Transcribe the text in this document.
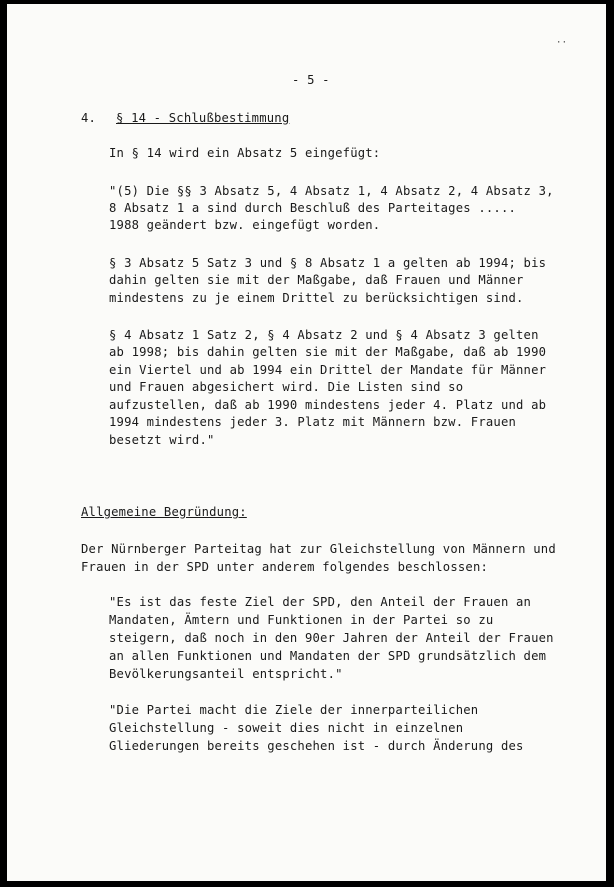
··
- 5 -
4. § 14 - Schlußbestimmung
In § 14 wird ein Absatz 5 eingefügt:
"(5) Die §§ 3 Absatz 5, 4 Absatz 1, 4 Absatz 2, 4 Absatz 3,
8 Absatz 1 a sind durch Beschluß des Parteitages .....
1988 geändert bzw. eingefügt worden.
§ 3 Absatz 5 Satz 3 und § 8 Absatz 1 a gelten ab 1994; bis
dahin gelten sie mit der Maßgabe, daß Frauen und Männer
mindestens zu je einem Drittel zu berücksichtigen sind.
§ 4 Absatz 1 Satz 2, § 4 Absatz 2 und § 4 Absatz 3 gelten
ab 1998; bis dahin gelten sie mit der Maßgabe, daß ab 1990
ein Viertel und ab 1994 ein Drittel der Mandate für Männer
und Frauen abgesichert wird. Die Listen sind so
aufzustellen, daß ab 1990 mindestens jeder 4. Platz und ab
1994 mindestens jeder 3. Platz mit Männern bzw. Frauen
besetzt wird."
Allgemeine Begründung:
Der Nürnberger Parteitag hat zur Gleichstellung von Männern und
Frauen in der SPD unter anderem folgendes beschlossen:
"Es ist das feste Ziel der SPD, den Anteil der Frauen an
Mandaten, Ämtern und Funktionen in der Partei so zu
steigern, daß noch in den 90er Jahren der Anteil der Frauen
an allen Funktionen und Mandaten der SPD grundsätzlich dem
Bevölkerungsanteil entspricht."
"Die Partei macht die Ziele der innerparteilichen
Gleichstellung - soweit dies nicht in einzelnen
Gliederungen bereits geschehen ist - durch Änderung des
